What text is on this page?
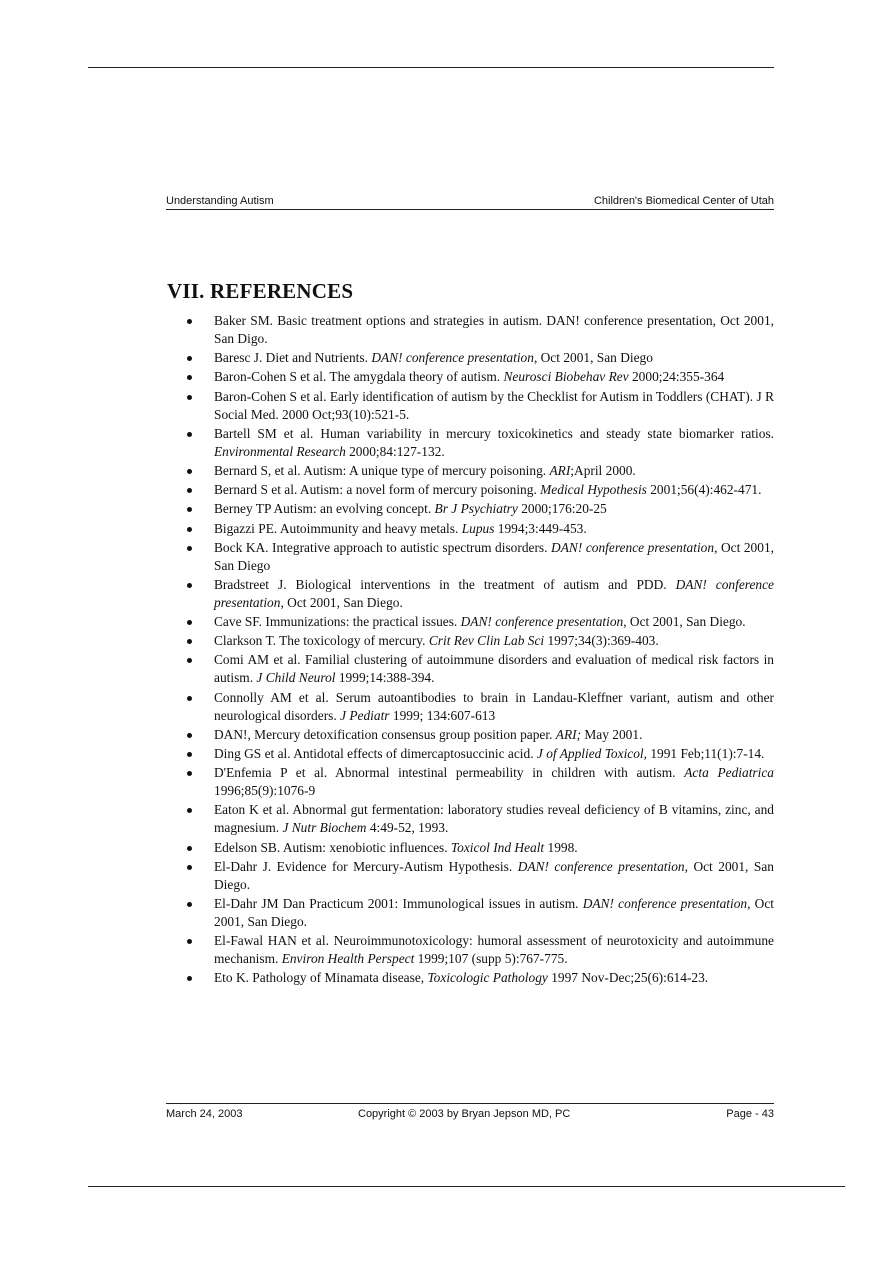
Understanding Autism	Children's Biomedical Center of Utah
VII. REFERENCES
Baker SM. Basic treatment options and strategies in autism. DAN! conference presentation, Oct 2001, San Digo.
Baresc J. Diet and Nutrients. DAN! conference presentation, Oct 2001, San Diego
Baron-Cohen S et al. The amygdala theory of autism. Neurosci Biobehav Rev 2000;24:355-364
Baron-Cohen S et al. Early identification of autism by the Checklist for Autism in Toddlers (CHAT). J R Social Med. 2000 Oct;93(10):521-5.
Bartell SM et al. Human variability in mercury toxicokinetics and steady state biomarker ratios. Environmental Research 2000;84:127-132.
Bernard S, et al. Autism: A unique type of mercury poisoning. ARI;April 2000.
Bernard S et al. Autism: a novel form of mercury poisoning. Medical Hypothesis 2001;56(4):462-471.
Berney TP Autism: an evolving concept. Br J Psychiatry 2000;176:20-25
Bigazzi PE. Autoimmunity and heavy metals. Lupus 1994;3:449-453.
Bock KA. Integrative approach to autistic spectrum disorders. DAN! conference presentation, Oct 2001, San Diego
Bradstreet J. Biological interventions in the treatment of autism and PDD. DAN! conference presentation, Oct 2001, San Diego.
Cave SF. Immunizations: the practical issues. DAN! conference presentation, Oct 2001, San Diego.
Clarkson T. The toxicology of mercury. Crit Rev Clin Lab Sci 1997;34(3):369-403.
Comi AM et al. Familial clustering of autoimmune disorders and evaluation of medical risk factors in autism. J Child Neurol 1999;14:388-394.
Connolly AM et al. Serum autoantibodies to brain in Landau-Kleffner variant, autism and other neurological disorders. J Pediatr 1999; 134:607-613
DAN!, Mercury detoxification consensus group position paper. ARI; May 2001.
Ding GS et al. Antidotal effects of dimercaptosuccinic acid. J of Applied Toxicol, 1991 Feb;11(1):7-14.
D'Enfemia P et al. Abnormal intestinal permeability in children with autism. Acta Pediatrica 1996;85(9):1076-9
Eaton K et al. Abnormal gut fermentation: laboratory studies reveal deficiency of B vitamins, zinc, and magnesium. J Nutr Biochem 4:49-52, 1993.
Edelson SB. Autism: xenobiotic influences. Toxicol Ind Healt 1998.
El-Dahr J. Evidence for Mercury-Autism Hypothesis. DAN! conference presentation, Oct 2001, San Diego.
El-Dahr JM Dan Practicum 2001: Immunological issues in autism. DAN! conference presentation, Oct 2001, San Diego.
El-Fawal HAN et al. Neuroimmunotoxicology: humoral assessment of neurotoxicity and autoimmune mechanism. Environ Health Perspect 1999;107 (supp 5):767-775.
Eto K. Pathology of Minamata disease, Toxicologic Pathology 1997 Nov-Dec;25(6):614-23.
March 24, 2003	Copyright © 2003 by Bryan Jepson MD, PC	Page - 43
